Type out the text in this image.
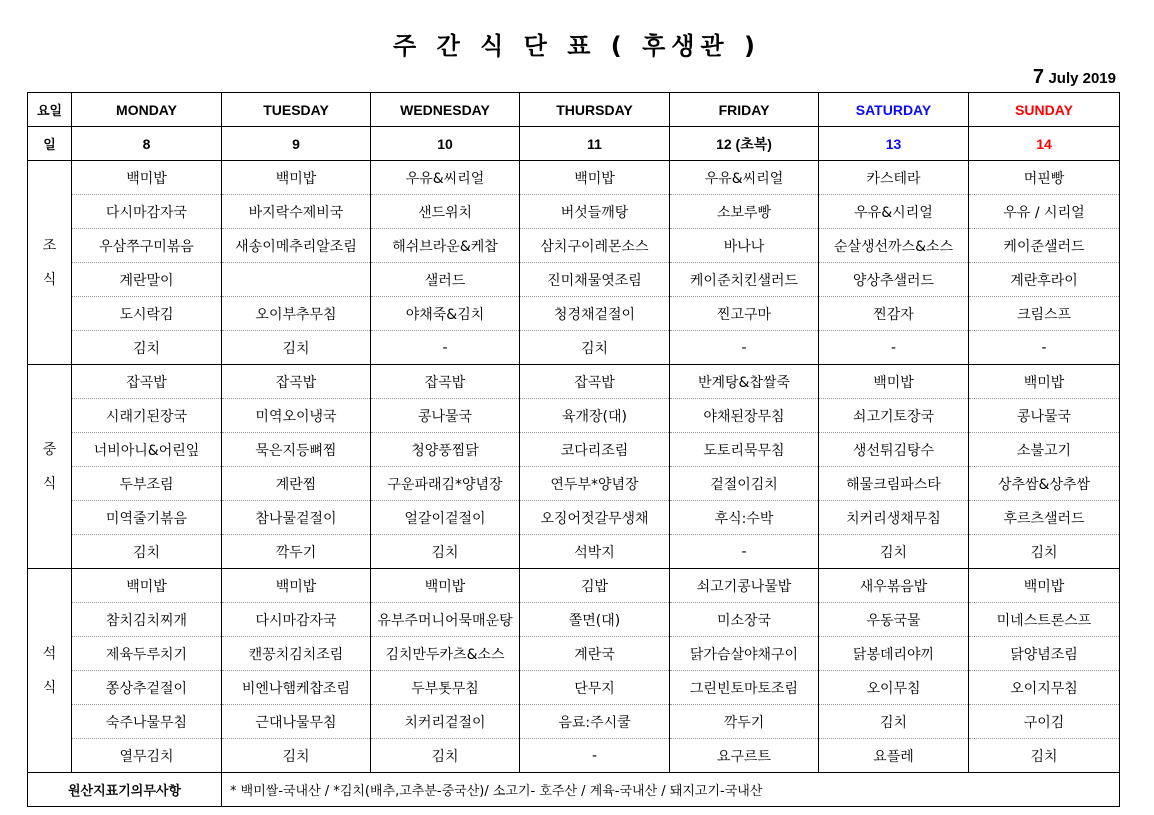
주 간 식 단 표 ( 후생관 )
7 July 2019
요일	MONDAY	TUESDAY	WEDNESDAY	THURSDAY	FRIDAY	SATURDAY	SUNDAY
일	8	9	10	11	12 (초복)	13	14
조
식	백미밥	백미밥	우유&씨리얼	백미밥	우유&씨리얼	카스테라	머핀빵
	다시마감자국	바지락수제비국	샌드위치	버섯들깨탕	소보루빵	우유&시리얼	우유 / 시리얼
	우삼쭈구미볶음	새송이메추리알조림	해쉬브라운&케찹	삼치구이레몬소스	바나나	순살생선까스&소스	케이준샐러드
	계란말이		샐러드	진미채물엿조림	케이준치킨샐러드	양상추샐러드	계란후라이
	도시락김	오이부추무침	야채죽&김치	청경채겉절이	찐고구마	찐감자	크림스프
	김치	김치	-	김치	-	-	-
중
식	잡곡밥	잡곡밥	잡곡밥	잡곡밥	반계탕&찹쌀죽	백미밥	백미밥
	시래기된장국	미역오이냉국	콩나물국	육개장(대)	야채된장무침	쇠고기토장국	콩나물국
	너비아니&어린잎	묵은지등뼈찜	청양풍찜닭	코다리조림	도토리묵무침	생선튀김탕수	소불고기
	두부조림	계란찜	구운파래김*양념장	연두부*양념장	겉절이김치	해물크림파스타	상추쌈&상추쌈
	미역줄기볶음	참나물겉절이	얼갈이겉절이	오징어젓갈무생채	후식:수박	치커리생채무침	후르츠샐러드
	김치	깍두기	김치	석박지	-	김치	김치
석
식	백미밥	백미밥	백미밥	김밥	쇠고기콩나물밥	새우볶음밥	백미밥
	참치김치찌개	다시마감자국	유부주머니어묵매운탕	쫄면(대)	미소장국	우동국물	미네스트론스프
	제육두루치기	캔꽁치김치조림	김치만두카츠&소스	계란국	닭가슴살야채구이	닭봉데리야끼	닭양념조림
	쫑상추겉절이	비엔나햄케찹조림	두부톳무침	단무지	그린빈토마토조림	오이무침	오이지무침
	숙주나물무침	근대나물무침	치커리겉절이	음료:주시쿨	깍두기	김치	구이김
	열무김치	김치	김치	-	요구르트	요플레	김치
원산지표기의무사항		* 백미쌀-국내산 / *김치(배추,고추분-중국산)/ 소고기- 호주산 / 계육-국내산 / 돼지고기-국내산					
